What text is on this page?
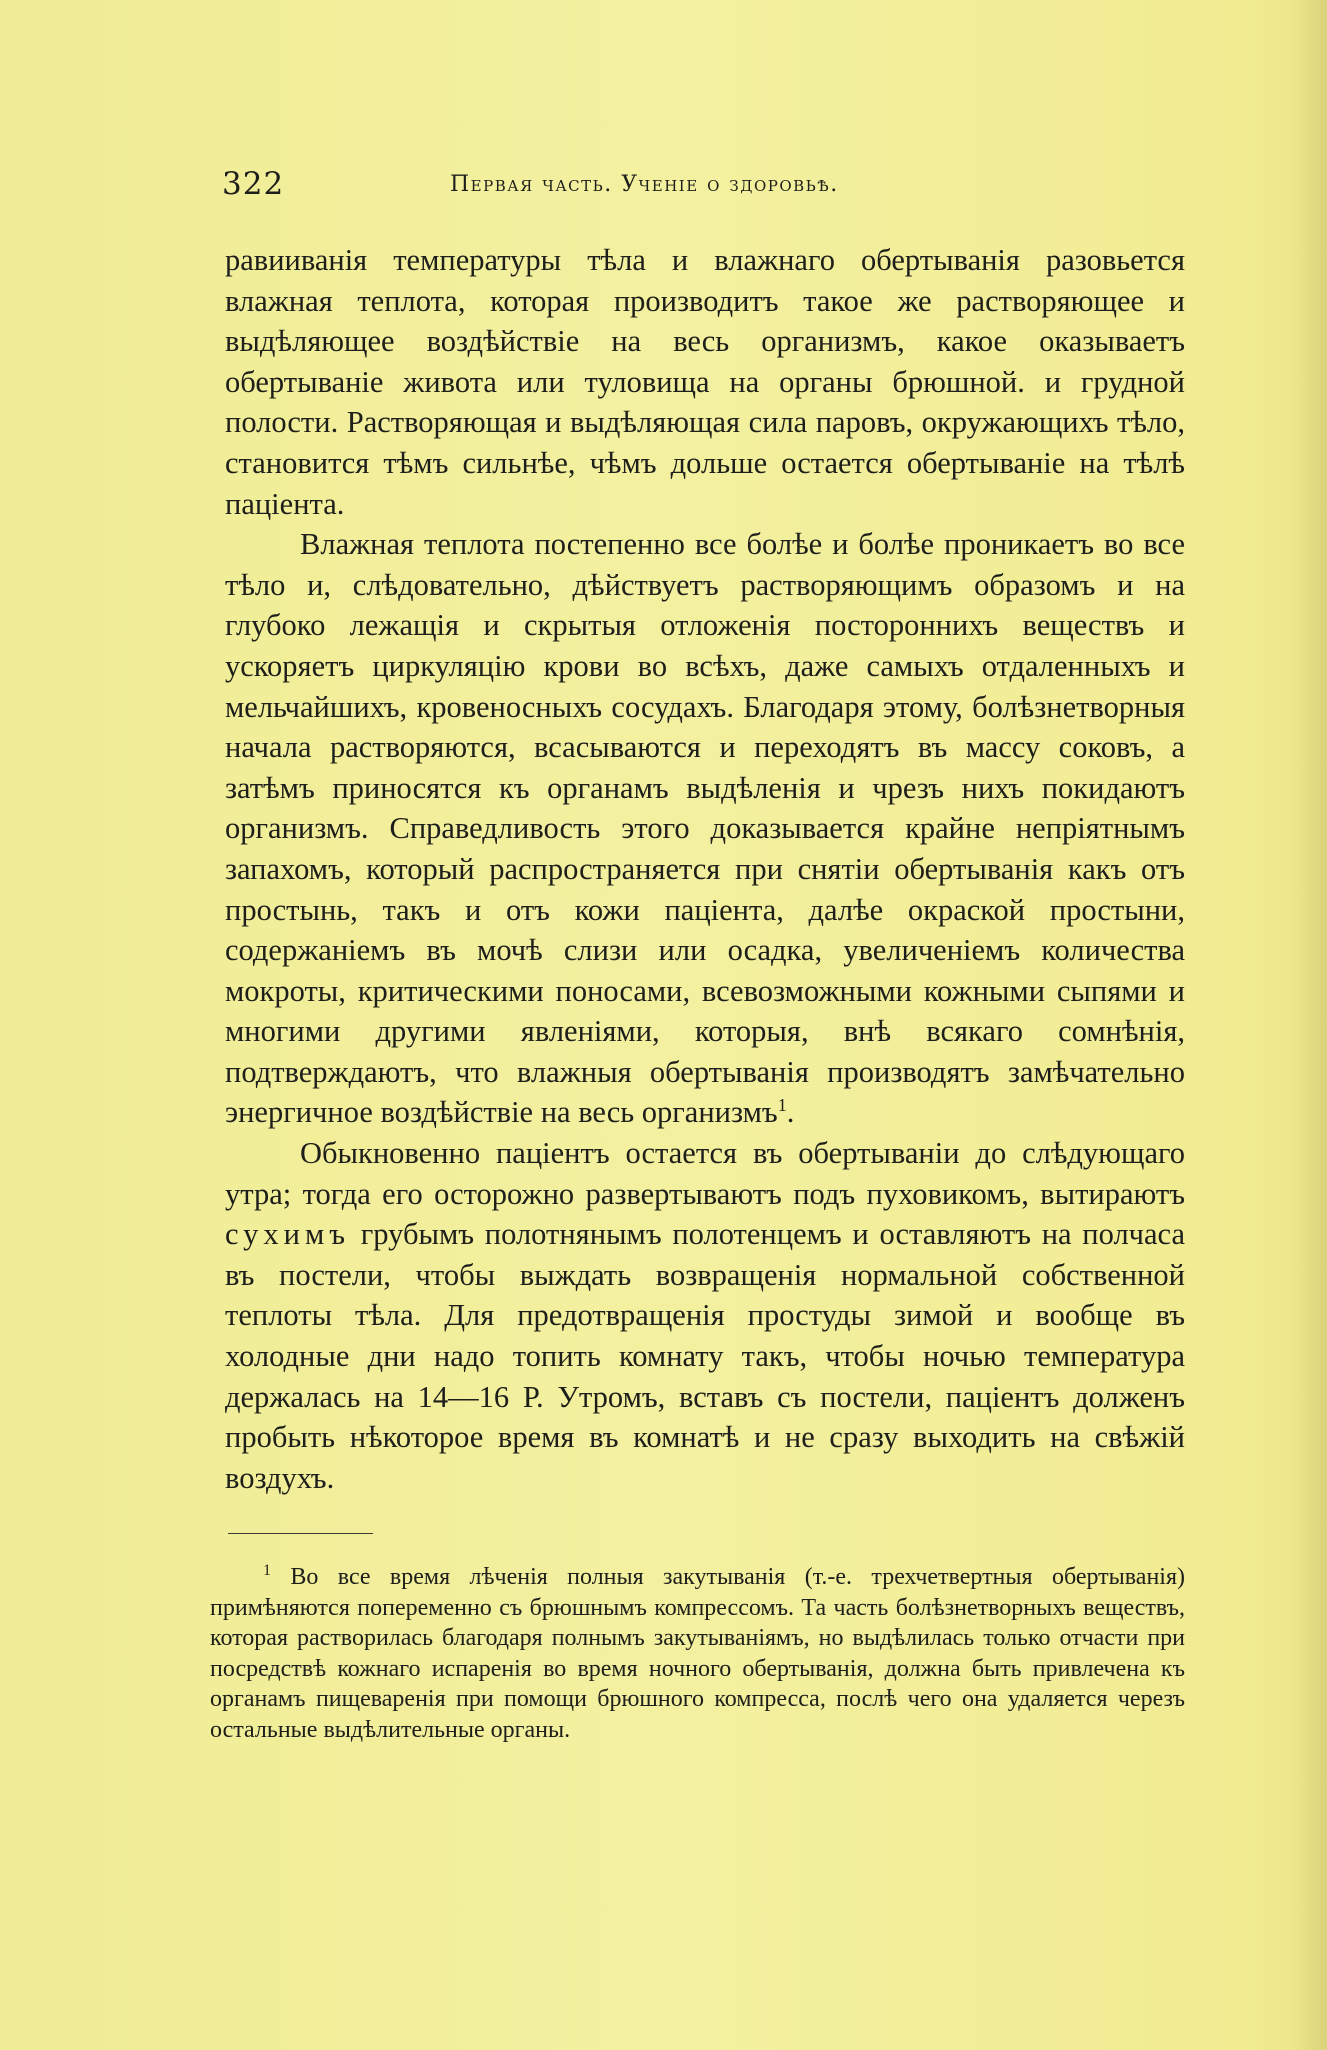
322	Первая часть. Ученіе о здоровьѣ.

равииванія температуры тѣла и влажнаго обертыванія разовьется влажная теплота, которая производитъ такое же растворяющее и выдѣляющее воздѣйствіе на весь организмъ, какое оказываетъ обертываніе живота или туловища на органы брюшной. и грудной полости. Растворяющая и выдѣляющая сила паровъ, окружающихъ тѣло, становится тѣмъ сильнѣе, чѣмъ дольше остается обертываніе на тѣлѣ паціента.

Влажная теплота постепенно все болѣе и болѣе проникаетъ во все тѣло и, слѣдовательно, дѣйствуетъ растворяющимъ образомъ и на глубоко лежащія и скрытыя отложенія постороннихъ веществъ и ускоряетъ циркуляцію крови во всѣхъ, даже самыхъ отдаленныхъ и мельчайшихъ, кровеносныхъ сосудахъ. Благодаря этому, болѣзнетворныя начала растворяются, всасываются и переходятъ въ массу соковъ, а затѣмъ приносятся къ органамъ выдѣленія и чрезъ нихъ покидаютъ организмъ. Справедливость этого доказывается крайне непріятнымъ запахомъ, который распространяется при снятіи обертыванія какъ отъ простынь, такъ и отъ кожи паціента, далѣе окраской простыни, содержаніемъ въ мочѣ слизи или осадка, увеличеніемъ количества мокроты, критическими поносами, всевозможными кожными сыпями и многими другими явленіями, которыя, внѣ всякаго сомнѣнія, подтверждаютъ, что влажныя обертыванія производятъ замѣчательно энергичное воздѣйствіе на весь организмъ$^1$.

Обыкновенно паціентъ остается въ обертываніи до слѣдующаго утра; тогда его осторожно развертываютъ подъ пуховикомъ, вытираютъ сухимъ грубымъ полотнянымъ полотенцемъ и оставляютъ на полчаса въ постели, чтобы выждать возвращенія нормальной собственной теплоты тѣла. Для предотвращенія простуды зимой и вообще въ холодные дни надо топить комнату такъ, чтобы ночью температура держалась на 14—16 Р. Утромъ, вставъ съ постели, паціентъ долженъ пробыть нѣкоторое время въ комнатѣ и не сразу выходить на свѣжій воздухъ.

$^1$ Во все время лѣченія полныя закутыванія (т.-е. трехчетвертныя обертыванія) примѣняются попеременно съ брюшнымъ компрессомъ. Та часть болѣзнетворныхъ веществъ, которая растворилась благодаря полнымъ закутываніямъ, но выдѣлилась только отчасти при посредствѣ кожнаго испаренія во время ночного обертыванія, должна быть привлечена къ органамъ пищеваренія при помощи брюшного компресса, послѣ чего она удаляется черезъ остальные выдѣлительные органы.
